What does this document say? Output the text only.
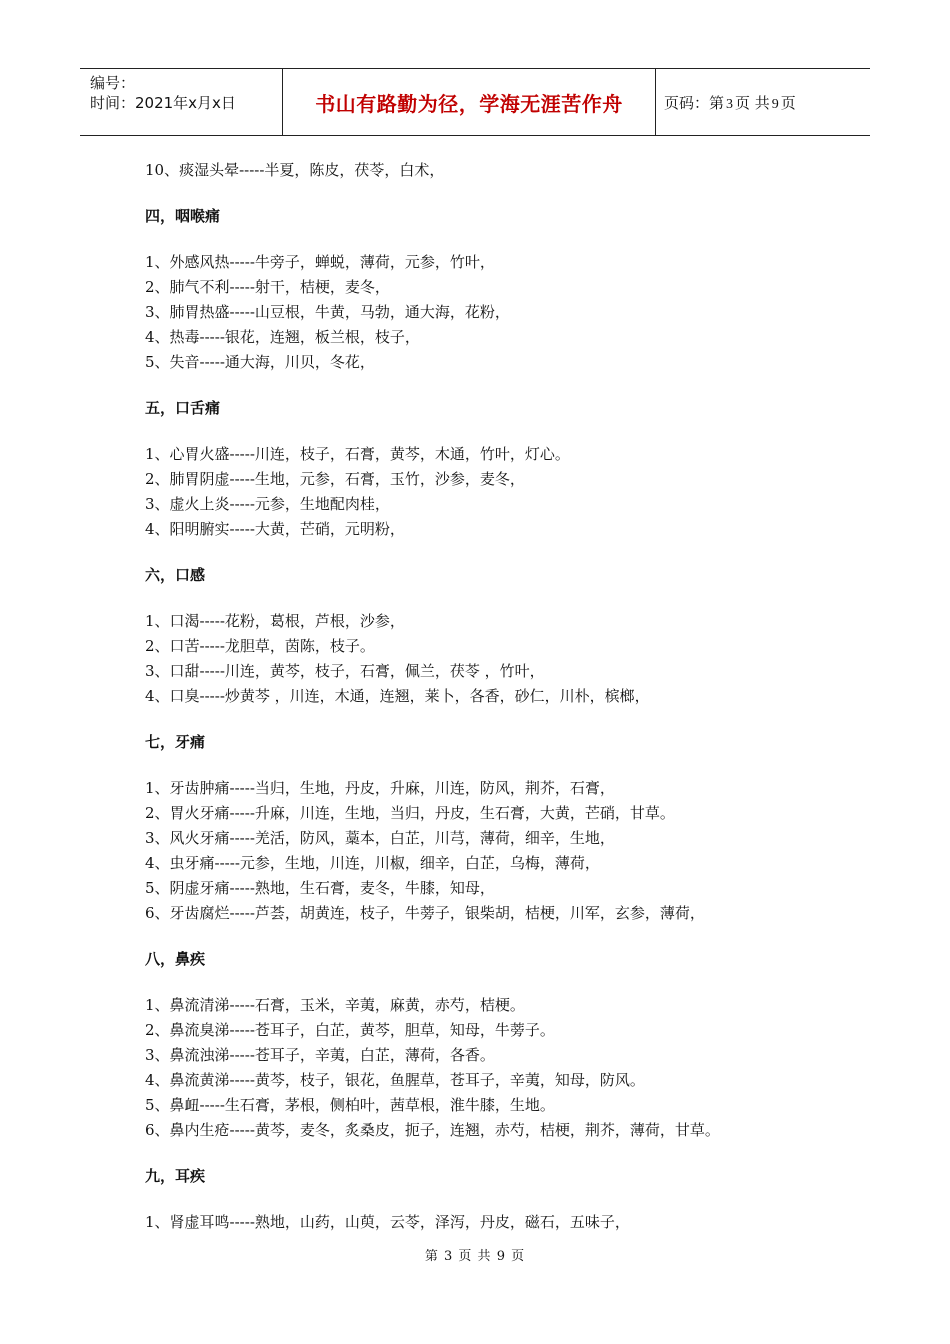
编号：
时间：2021年x月x日	书山有路勤为径，学海无涯苦作舟	页码：第 3 页 共 9 页
10、痰湿头晕-----半夏，陈皮，茯苓，白术，
四，咽喉痛
1、外感风热-----牛旁子，蝉蜕，薄荷，元参，竹叶，
2、肺气不利-----射干，桔梗，麦冬，
3、肺胃热盛-----山豆根，牛黄，马勃，通大海，花粉，
4、热毒-----银花，连翘，板兰根，枝子，
5、失音-----通大海，川贝，冬花，
五，口舌痛
1、心胃火盛-----川连，枝子，石膏，黄芩，木通，竹叶，灯心。
2、肺胃阴虚-----生地，元参，石膏，玉竹，沙参，麦冬，
3、虚火上炎-----元参，生地配肉桂，
4、阳明腑实-----大黄，芒硝，元明粉，
六，口感
1、口渴-----花粉，葛根，芦根，沙参，
2、口苦-----龙胆草，茵陈，枝子。
3、口甜-----川连，黄芩，枝子，石膏，佩兰，茯苓 ，竹叶，
4、口臭-----炒黄芩 ，川连，木通，连翘，莱卜，各香，砂仁，川朴，槟榔，
七，牙痛
1、牙齿肿痛-----当归，生地，丹皮，升麻，川连，防风，荆芥，石膏，
2、胃火牙痛-----升麻，川连，生地，当归，丹皮，生石膏，大黄，芒硝，甘草。
3、风火牙痛-----羌活，防风，藁本，白芷，川芎，薄荷，细辛，生地，
4、虫牙痛-----元参，生地，川连，川椒，细辛，白芷，乌梅，薄荷，
5、阴虚牙痛-----熟地，生石膏，麦冬，牛膝，知母，
6、牙齿腐烂-----芦荟，胡黄连，枝子，牛蒡子，银柴胡，桔梗，川军，玄参，薄荷，
八，鼻疾
1、鼻流清涕-----石膏，玉米，辛荑，麻黄，赤芍，桔梗。
2、鼻流臭涕-----苍耳子，白芷，黄芩，胆草，知母，牛蒡子。
3、鼻流浊涕-----苍耳子，辛荑，白芷，薄荷，各香。
4、鼻流黄涕-----黄芩，枝子，银花，鱼腥草，苍耳子，辛荑，知母，防风。
5、鼻衄-----生石膏，茅根，侧柏叶，茜草根，淮牛膝，生地。
6、鼻内生疮-----黄芩，麦冬，炙桑皮，扼子，连翘，赤芍，桔梗，荆芥，薄荷，甘草。
九，耳疾
1、肾虚耳鸣-----熟地，山药，山萸，云苓，泽泻，丹皮，磁石，五味子，
第 3 页 共 9 页
